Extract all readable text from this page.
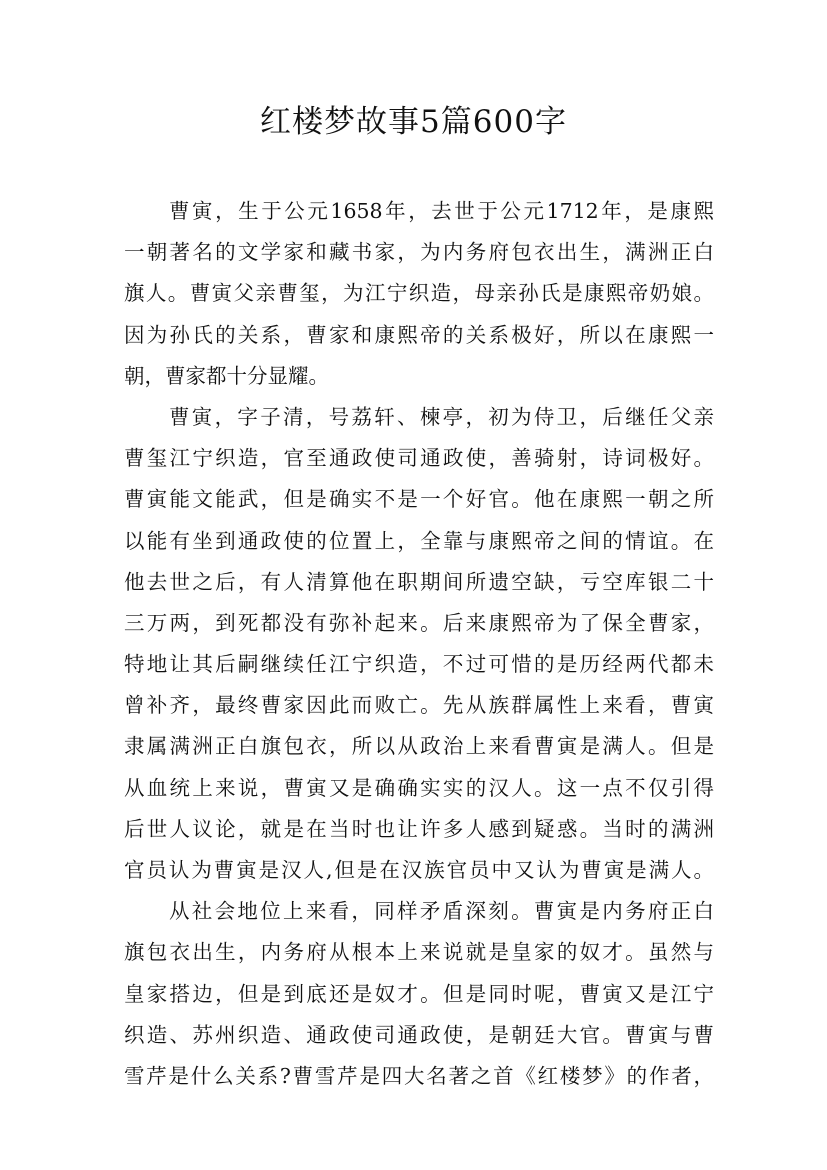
红楼梦故事5篇600字
曹寅，生于公元1658年，去世于公元1712年，是康熙
一朝著名的文学家和藏书家，为内务府包衣出生，满洲正白
旗人。曹寅父亲曹玺，为江宁织造，母亲孙氏是康熙帝奶娘。
因为孙氏的关系，曹家和康熙帝的关系极好，所以在康熙一
朝，曹家都十分显耀。
曹寅，字子清，号荔轩、楝亭，初为侍卫，后继任父亲
曹玺江宁织造，官至通政使司通政使，善骑射，诗词极好。
曹寅能文能武，但是确实不是一个好官。他在康熙一朝之所
以能有坐到通政使的位置上，全靠与康熙帝之间的情谊。在
他去世之后，有人清算他在职期间所遗空缺，亏空库银二十
三万两，到死都没有弥补起来。后来康熙帝为了保全曹家，
特地让其后嗣继续任江宁织造，不过可惜的是历经两代都未
曾补齐，最终曹家因此而败亡。先从族群属性上来看，曹寅
隶属满洲正白旗包衣，所以从政治上来看曹寅是满人。但是
从血统上来说，曹寅又是确确实实的汉人。这一点不仅引得
后世人议论，就是在当时也让许多人感到疑惑。当时的满洲
官员认为曹寅是汉人,但是在汉族官员中又认为曹寅是满人。
从社会地位上来看，同样矛盾深刻。曹寅是内务府正白
旗包衣出生，内务府从根本上来说就是皇家的奴才。虽然与
皇家搭边，但是到底还是奴才。但是同时呢，曹寅又是江宁
织造、苏州织造、通政使司通政使，是朝廷大官。曹寅与曹
雪芹是什么关系?曹雪芹是四大名著之首《红楼梦》的作者，
